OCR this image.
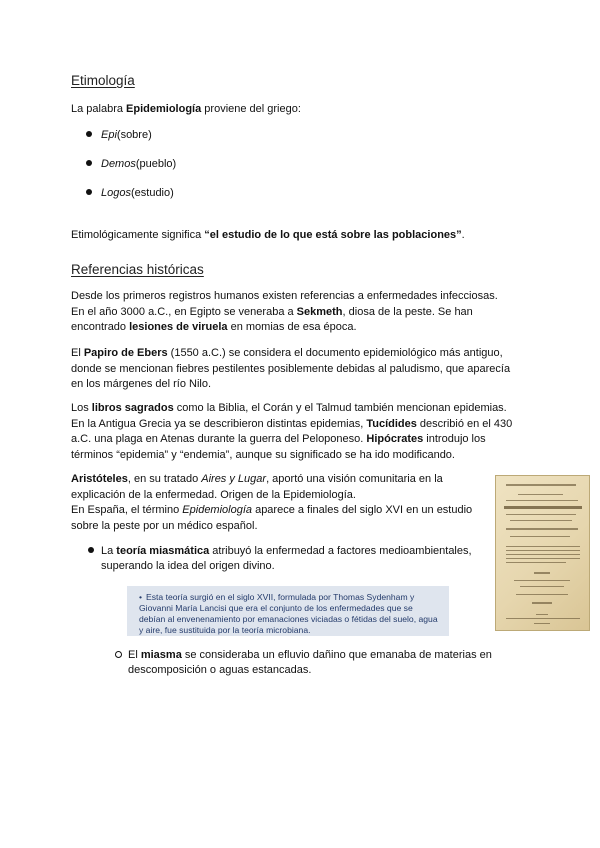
Etimología
La palabra Epidemiología proviene del griego:
Epi(sobre)
Demos(pueblo)
Logos(estudio)
Etimológicamente significa “el estudio de lo que está sobre las poblaciones”.
Referencias históricas
Desde los primeros registros humanos existen referencias a enfermedades infecciosas. En el año 3000 a.C., en Egipto se veneraba a Sekmeth, diosa de la peste. Se han encontrado lesiones de viruela en momias de esa época.
El Papiro de Ebers (1550 a.C.) se considera el documento epidemiológico más antiguo, donde se mencionan fiebres pestilentes posiblemente debidas al paludismo, que aparecía en los márgenes del río Nilo.
Los libros sagrados como la Biblia, el Corán y el Talmud también mencionan epidemias. En la Antigua Grecia ya se describieron distintas epidemias, Tucídides describió en el 430 a.C. una plaga en Atenas durante la guerra del Peloponeso. Hipócrates introdujo los términos “epidemia” y “endemia”, aunque su significado se ha ido modificando.
Aristóteles, en su tratado Aires y Lugar, aportó una visión comunitaria en la explicación de la enfermedad. Origen de la Epidemiología.
En España, el término Epidemiología aparece a finales del siglo XVI en un estudio sobre la peste por un médico español.
La teoría miasmática atribuyó la enfermedad a factores medioambientales, superando la idea del origen divino.
• Esta teoría surgió en el siglo XVII, formulada por Thomas Sydenham y Giovanni María Lancisi que era el conjunto de los enfermedades que se debían al envenenamiento por emanaciones viciadas o fétidas del suelo, agua y aire, fue sustituida por la teoría microbiana.
El miasma se consideraba un efluvio dañino que emanaba de materias en descomposición o aguas estancadas.
